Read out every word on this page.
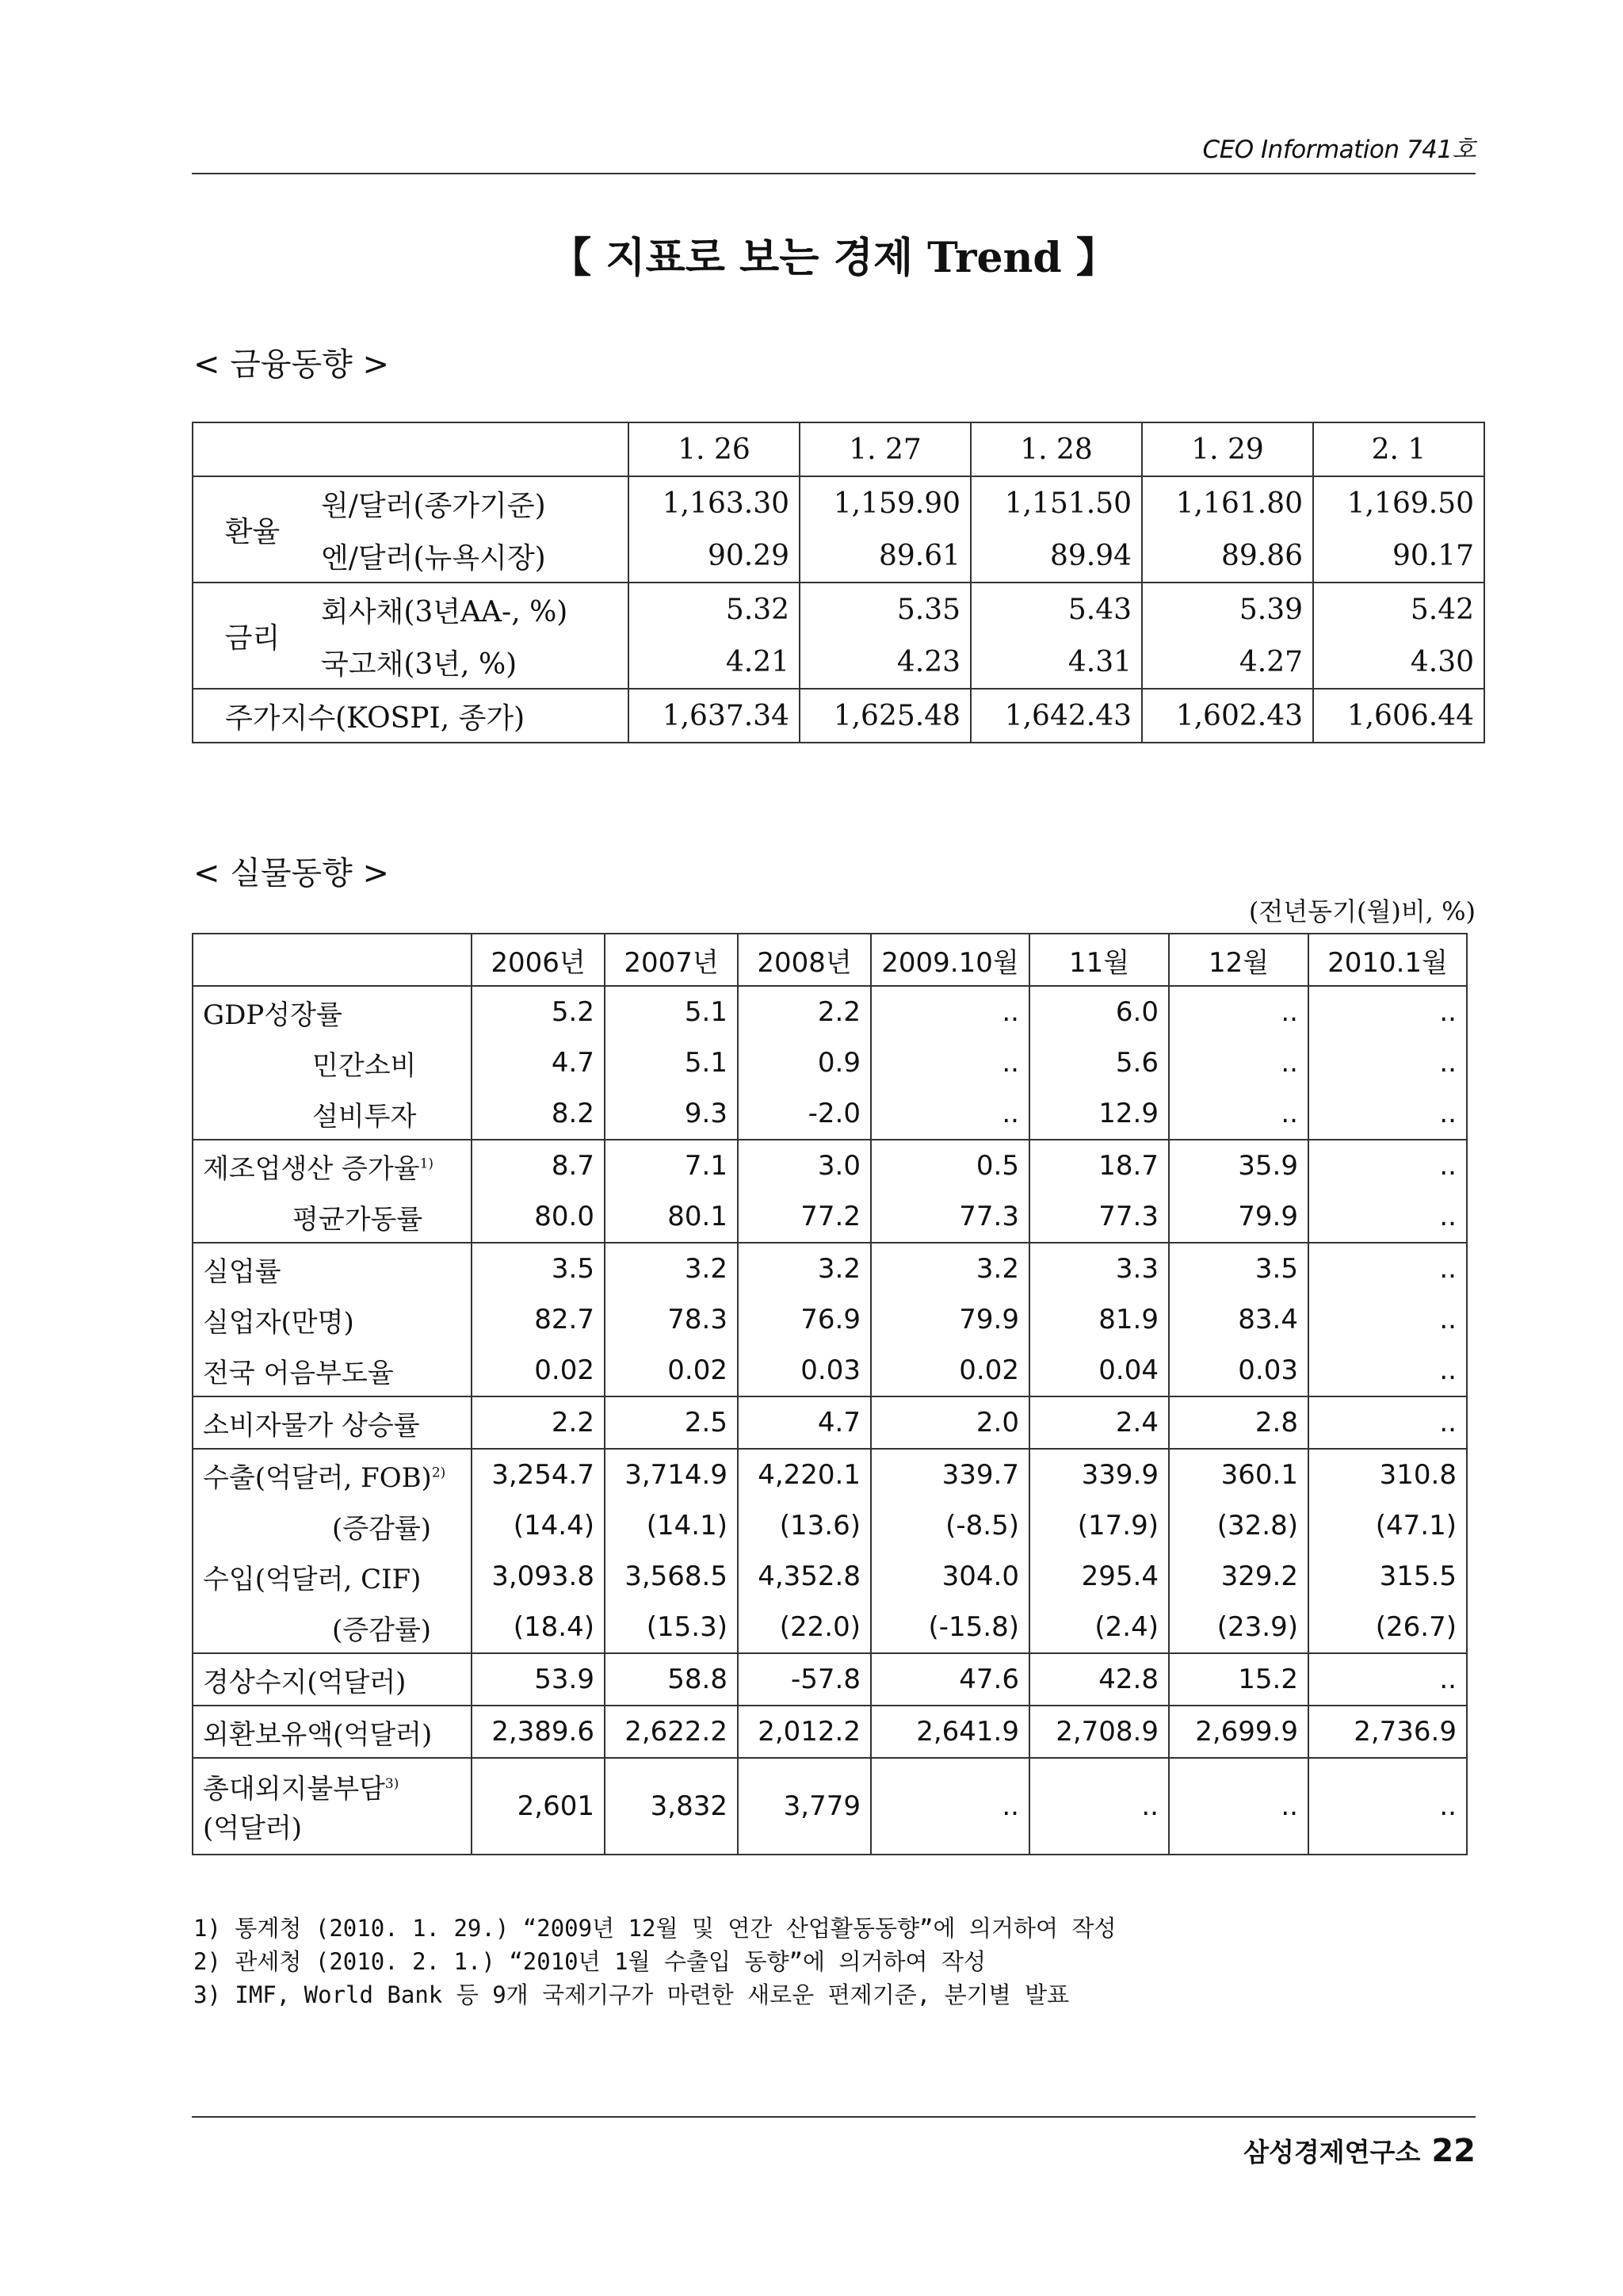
CEO Information 741호
【 지표로 보는 경제 Trend 】
< 금융동향 >
		1. 26	1. 27	1. 28	1. 29	2. 1
환율	원/달러(종가기준)	1,163.30	1,159.90	1,151.50	1,161.80	1,169.50
	엔/달러(뉴욕시장)	90.29	89.61	89.94	89.86	90.17
금리	회사채(3년AA-, %)	5.32	5.35	5.43	5.39	5.42
	국고채(3년, %)	4.21	4.23	4.31	4.27	4.30
주가지수(KOSPI, 종가)		1,637.34	1,625.48	1,642.43	1,602.43	1,606.44
< 실물동향 >
(전년동기(월)비, %)
	2006년	2007년	2008년	2009.10월	11월	12월	2010.1월
GDP성장률	5.2	5.1	2.2	..	6.0	..	..
민간소비	4.7	5.1	0.9	..	5.6	..	..
설비투자	8.2	9.3	-2.0	..	12.9	..	..
제조업생산 증가율$^{1)}$	8.7	7.1	3.0	0.5	18.7	35.9	..
평균가동률	80.0	80.1	77.2	77.3	77.3	79.9	..
실업률	3.5	3.2	3.2	3.2	3.3	3.5	..
실업자(만명)	82.7	78.3	76.9	79.9	81.9	83.4	..
전국 어음부도율	0.02	0.02	0.03	0.02	0.04	0.03	..
소비자물가 상승률	2.2	2.5	4.7	2.0	2.4	2.8	..
수출(억달러, FOB)$^{2)}$	3,254.7	3,714.9	4,220.1	339.7	339.9	360.1	310.8
(증감률)	(14.4)	(14.1)	(13.6)	(-8.5)	(17.9)	(32.8)	(47.1)
수입(억달러, CIF)	3,093.8	3,568.5	4,352.8	304.0	295.4	329.2	315.5
(증감률)	(18.4)	(15.3)	(22.0)	(-15.8)	(2.4)	(23.9)	(26.7)
경상수지(억달러)	53.9	58.8	-57.8	47.6	42.8	15.2	..
외환보유액(억달러)	2,389.6	2,622.2	2,012.2	2,641.9	2,708.9	2,699.9	2,736.9
총대외지불부담$^{3)}$
(억달러)	2,601	3,832	3,779	..	..	..	..
1) 통계청 (2010. 1. 29.) “2009년 12월 및 연간 산업활동동향”에 의거하여 작성
2) 관세청 (2010. 2. 1.) “2010년 1월 수출입 동향”에 의거하여 작성
3) IMF, World Bank 등 9개 국제기구가 마련한 새로운 편제기준, 분기별 발표
삼성경제연구소 22
